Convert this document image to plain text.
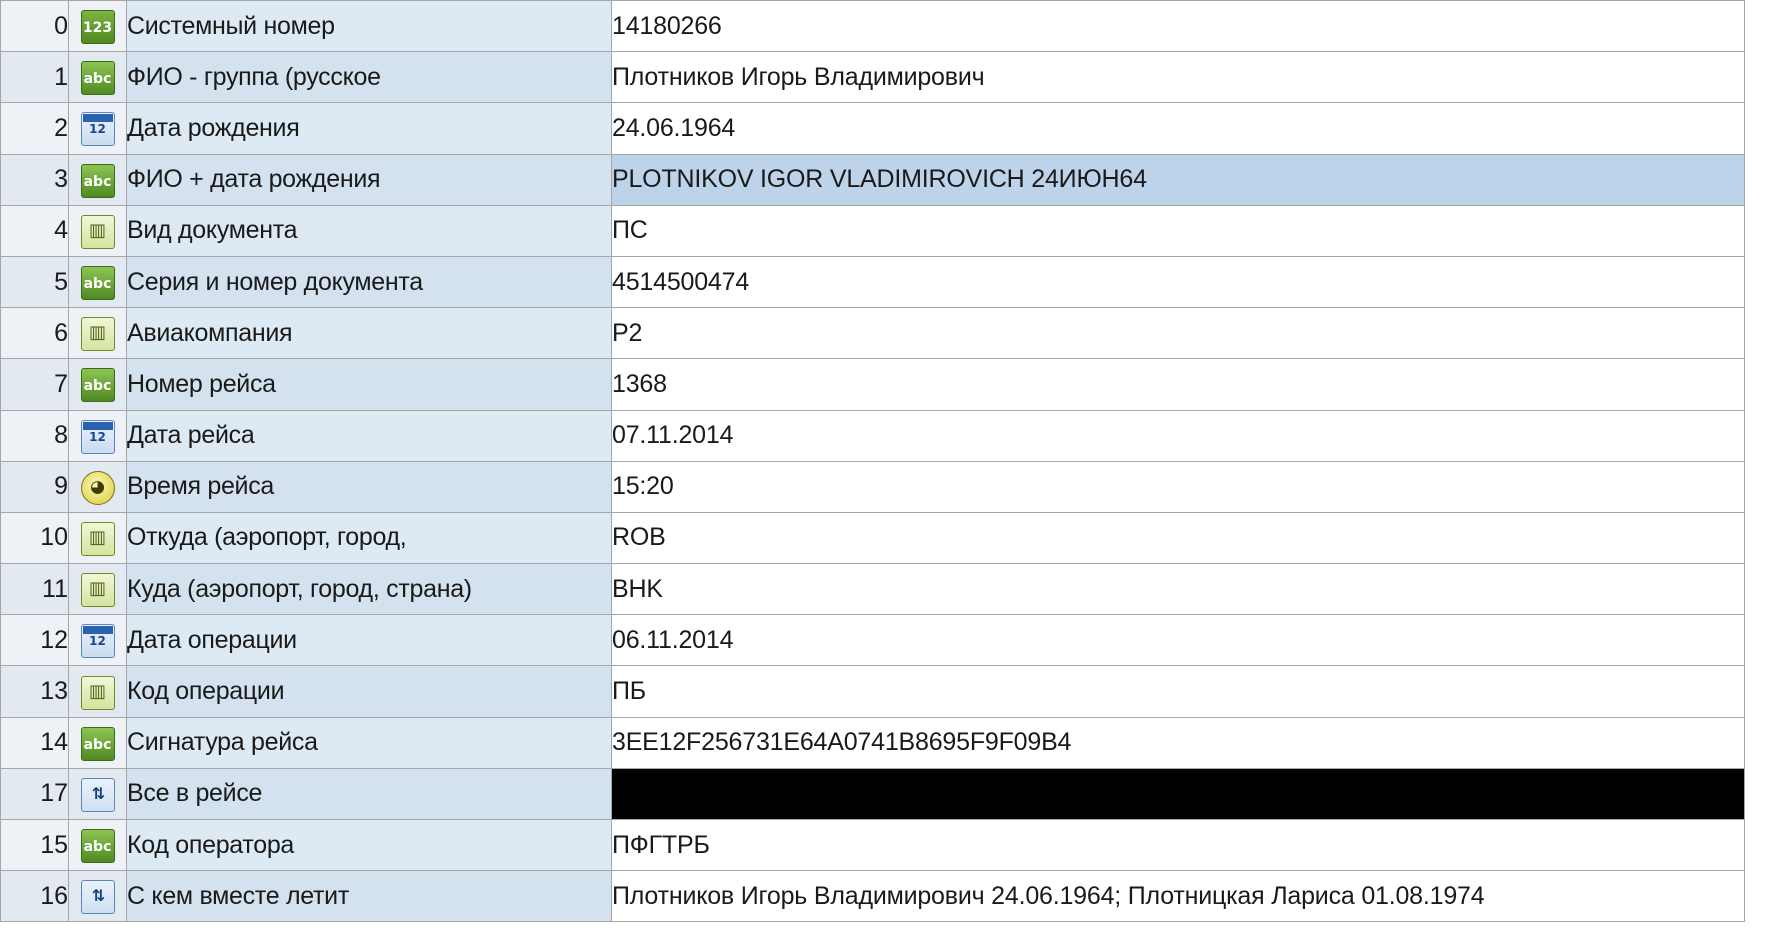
0	123	Системный номер	14180266
1	abc	ФИО - группа (русское	Плотников Игорь Владимирович
2	12	Дата рождения	24.06.1964
3	abc	ФИО + дата рождения	PLOTNIKOV IGOR VLADIMIROVICH 24ИЮН64
4	▥	Вид документа	ПС
5	abc	Серия и номер документа	4514500474
6	▥	Авиакомпания	Р2
7	abc	Номер рейса	1368
8	12	Дата рейса	07.11.2014
9	◕	Время рейса	15:20
10	▥	Откуда (аэропорт, город,	ROB
11	▥	Куда (аэропорт, город, страна)	BHK
12	12	Дата операции	06.11.2014
13	▥	Код операции	ПБ
14	abc	Сигнатура рейса	3EE12F256731E64A0741B8695F9F09B4
17	⇅	Все в рейсе	
15	abc	Код оператора	ПФГТРБ
16	⇅	С кем вместе летит	Плотников Игорь Владимирович 24.06.1964; Плотницкая Лариса 01.08.1974
